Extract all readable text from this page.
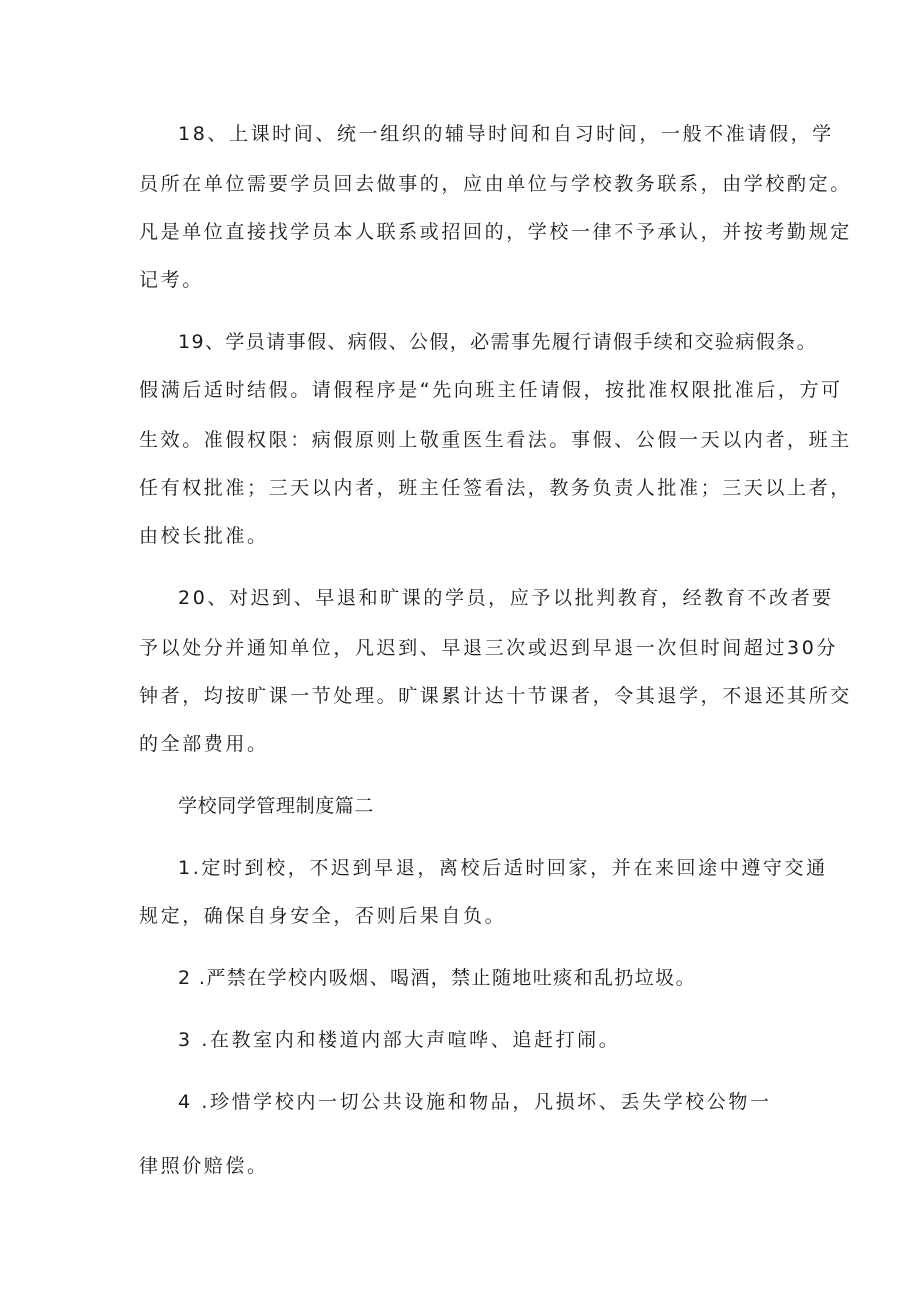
18、上课时间、统一组织的辅导时间和自习时间，一般不准请假，学
员所在单位需要学员回去做事的，应由单位与学校教务联系，由学校酌定。
凡是单位直接找学员本人联系或招回的，学校一律不予承认，并按考勤规定
记考。
19、学员请事假、病假、公假，必需事先履行请假手续和交验病假条。
假满后适时结假。请假程序是“先向班主任请假，按批准权限批准后，方可
生效。准假权限：病假原则上敬重医生看法。事假、公假一天以内者，班主
任有权批准；三天以内者，班主任签看法，教务负责人批准；三天以上者，
由校长批准。
20、对迟到、早退和旷课的学员，应予以批判教育，经教育不改者要
予以处分并通知单位，凡迟到、早退三次或迟到早退一次但时间超过30分
钟者，均按旷课一节处理。旷课累计达十节课者，令其退学，不退还其所交
的全部费用。
学校同学管理制度篇二
1.定时到校，不迟到早退，离校后适时回家，并在来回途中遵守交通
规定，确保自身安全，否则后果自负。
2 .严禁在学校内吸烟、喝酒，禁止随地吐痰和乱扔垃圾。
3 .在教室内和楼道内部大声喧哗、追赶打闹。
4 .珍惜学校内一切公共设施和物品，凡损坏、丢失学校公物一
律照价赔偿。
